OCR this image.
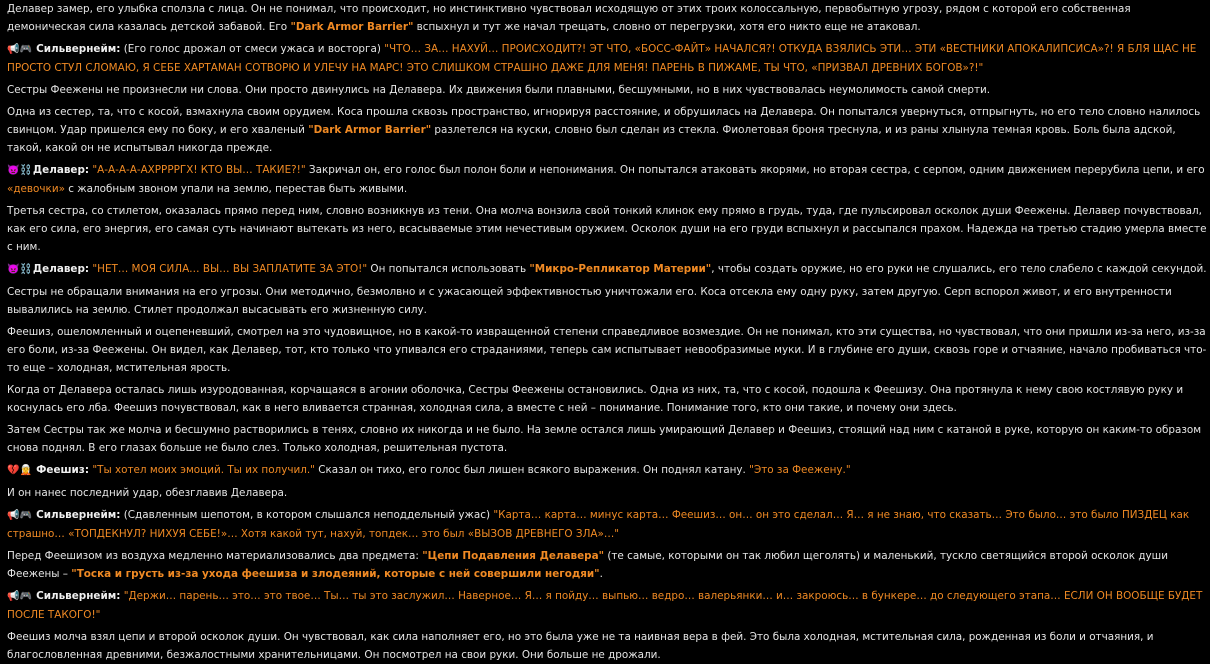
Делавер замер, его улыбка сползла с лица. Он не понимал, что происходит, но инстинктивно чувствовал исходящую от этих троих колоссальную, первобытную угрозу, рядом с которой его собственная демоническая сила казалась детской забавой. Его "Dark Armor Barrier" вспыхнул и тут же начал трещать, словно от перегрузки, хотя его никто еще не атаковал.
📢🎮 Сильвернейм: (Его голос дрожал от смеси ужаса и восторга) "ЧТО… ЗА… НАХУЙ… ПРОИСХОДИТ?! ЭТ ЧТО, «БОСС-ФАЙТ» НАЧАЛСЯ?! ОТКУДА ВЗЯЛИСЬ ЭТИ… ЭТИ «ВЕСТНИКИ АПОКАЛИПСИСА»?! Я БЛЯ ЩАС НЕ ПРОСТО СТУЛ СЛОМАЮ, Я СЕБЕ ХАРТАМАН СОТВОРЮ И УЛЕЧУ НА МАРС! ЭТО СЛИШКОМ СТРАШНО ДАЖЕ ДЛЯ МЕНЯ! ПАРЕНЬ В ПИЖАМЕ, ТЫ ЧТО, «ПРИЗВАЛ ДРЕВНИХ БОГОВ»?!"
Сестры Феежены не произнесли ни слова. Они просто двинулись на Делавера. Их движения были плавными, бесшумными, но в них чувствовалась неумолимость самой смерти.
Одна из сестер, та, что с косой, взмахнула своим орудием. Коса прошла сквозь пространство, игнорируя расстояние, и обрушилась на Делавера. Он попытался увернуться, отпрыгнуть, но его тело словно налилось свинцом. Удар пришелся ему по боку, и его хваленый "Dark Armor Barrier" разлетелся на куски, словно был сделан из стекла. Фиолетовая броня треснула, и из раны хлынула темная кровь. Боль была адской, такой, какой он не испытывал никогда прежде.
👿⛓️Делавер: "А-А-А-А-АХРРРРГХ! КТО ВЫ… ТАКИЕ?!" Закричал он, его голос был полон боли и непонимания. Он попытался атаковать якорями, но вторая сестра, с серпом, одним движением перерубила цепи, и его «девочки» с жалобным звоном упали на землю, перестав быть живыми.
Третья сестра, со стилетом, оказалась прямо перед ним, словно возникнув из тени. Она молча вонзила свой тонкий клинок ему прямо в грудь, туда, где пульсировал осколок души Феежены. Делавер почувствовал, как его сила, его энергия, его самая суть начинают вытекать из него, всасываемые этим нечестивым оружием. Осколок души на его груди вспыхнул и рассыпался прахом. Надежда на третью стадию умерла вместе с ним.
👿⛓️Делавер: "НЕТ… МОЯ СИЛА… ВЫ… ВЫ ЗАПЛАТИТЕ ЗА ЭТО!" Он попытался использовать "Микро-Репликатор Материи", чтобы создать оружие, но его руки не слушались, его тело слабело с каждой секундой.
Сестры не обращали внимания на его угрозы. Они методично, безмолвно и с ужасающей эффективностью уничтожали его. Коса отсекла ему одну руку, затем другую. Серп вспорол живот, и его внутренности вывалились на землю. Стилет продолжал высасывать его жизненную силу.
Феешиз, ошеломленный и оцепеневший, смотрел на это чудовищное, но в какой-то извращенной степени справедливое возмездие. Он не понимал, кто эти существа, но чувствовал, что они пришли из-за него, из-за его боли, из-за Феежены. Он видел, как Делавер, тот, кто только что упивался его страданиями, теперь сам испытывает невообразимые муки. И в глубине его души, сквозь горе и отчаяние, начало пробиваться что-то еще – холодная, мстительная ярость.
Когда от Делавера осталась лишь изуродованная, корчащаяся в агонии оболочка, Сестры Феежены остановились. Одна из них, та, что с косой, подошла к Феешизу. Она протянула к нему свою костлявую руку и коснулась его лба. Феешиз почувствовал, как в него вливается странная, холодная сила, а вместе с ней – понимание. Понимание того, кто они такие, и почему они здесь.
Затем Сестры так же молча и бесшумно растворились в тенях, словно их никогда и не было. На земле остался лишь умирающий Делавер и Феешиз, стоящий над ним с катаной в руке, которую он каким-то образом снова поднял. В его глазах больше не было слез. Только холодная, решительная пустота.
💔🧝 Феешиз: "Ты хотел моих эмоций. Ты их получил." Сказал он тихо, его голос был лишен всякого выражения. Он поднял катану. "Это за Феежену."
И он нанес последний удар, обезглавив Делавера.
📢🎮 Сильвернейм: (Сдавленным шепотом, в котором слышался неподдельный ужас) "Карта… карта… минус карта… Феешиз… он… он это сделал… Я… я не знаю, что сказать… Это было… это было ПИЗДЕЦ как страшно… «ТОПДЕКНУЛ? НИХУЯ СЕБЕ!»… Хотя какой тут, нахуй, топдек… это был «ВЫЗОВ ДРЕВНЕГО ЗЛА»…"
Перед Феешизом из воздуха медленно материализовались два предмета: "Цепи Подавления Делавера" (те самые, которыми он так любил щеголять) и маленький, тускло светящийся второй осколок души Феежены – "Тоска и грусть из-за ухода феешиза и злодеяний, которые с ней совершили негодяи".
📢🎮 Сильвернейм: "Держи… парень… это… это твое… Ты… ты это заслужил… Наверное… Я… я пойду… выпью… ведро… валерьянки… и… закроюсь… в бункере… до следующего этапа… ЕСЛИ ОН ВООБЩЕ БУДЕТ ПОСЛЕ ТАКОГО!"
Феешиз молча взял цепи и второй осколок души. Он чувствовал, как сила наполняет его, но это была уже не та наивная вера в фей. Это была холодная, мстительная сила, рожденная из боли и отчаяния, и благословленная древними, безжалостными хранительницами. Он посмотрел на свои руки. Они больше не дрожали.
